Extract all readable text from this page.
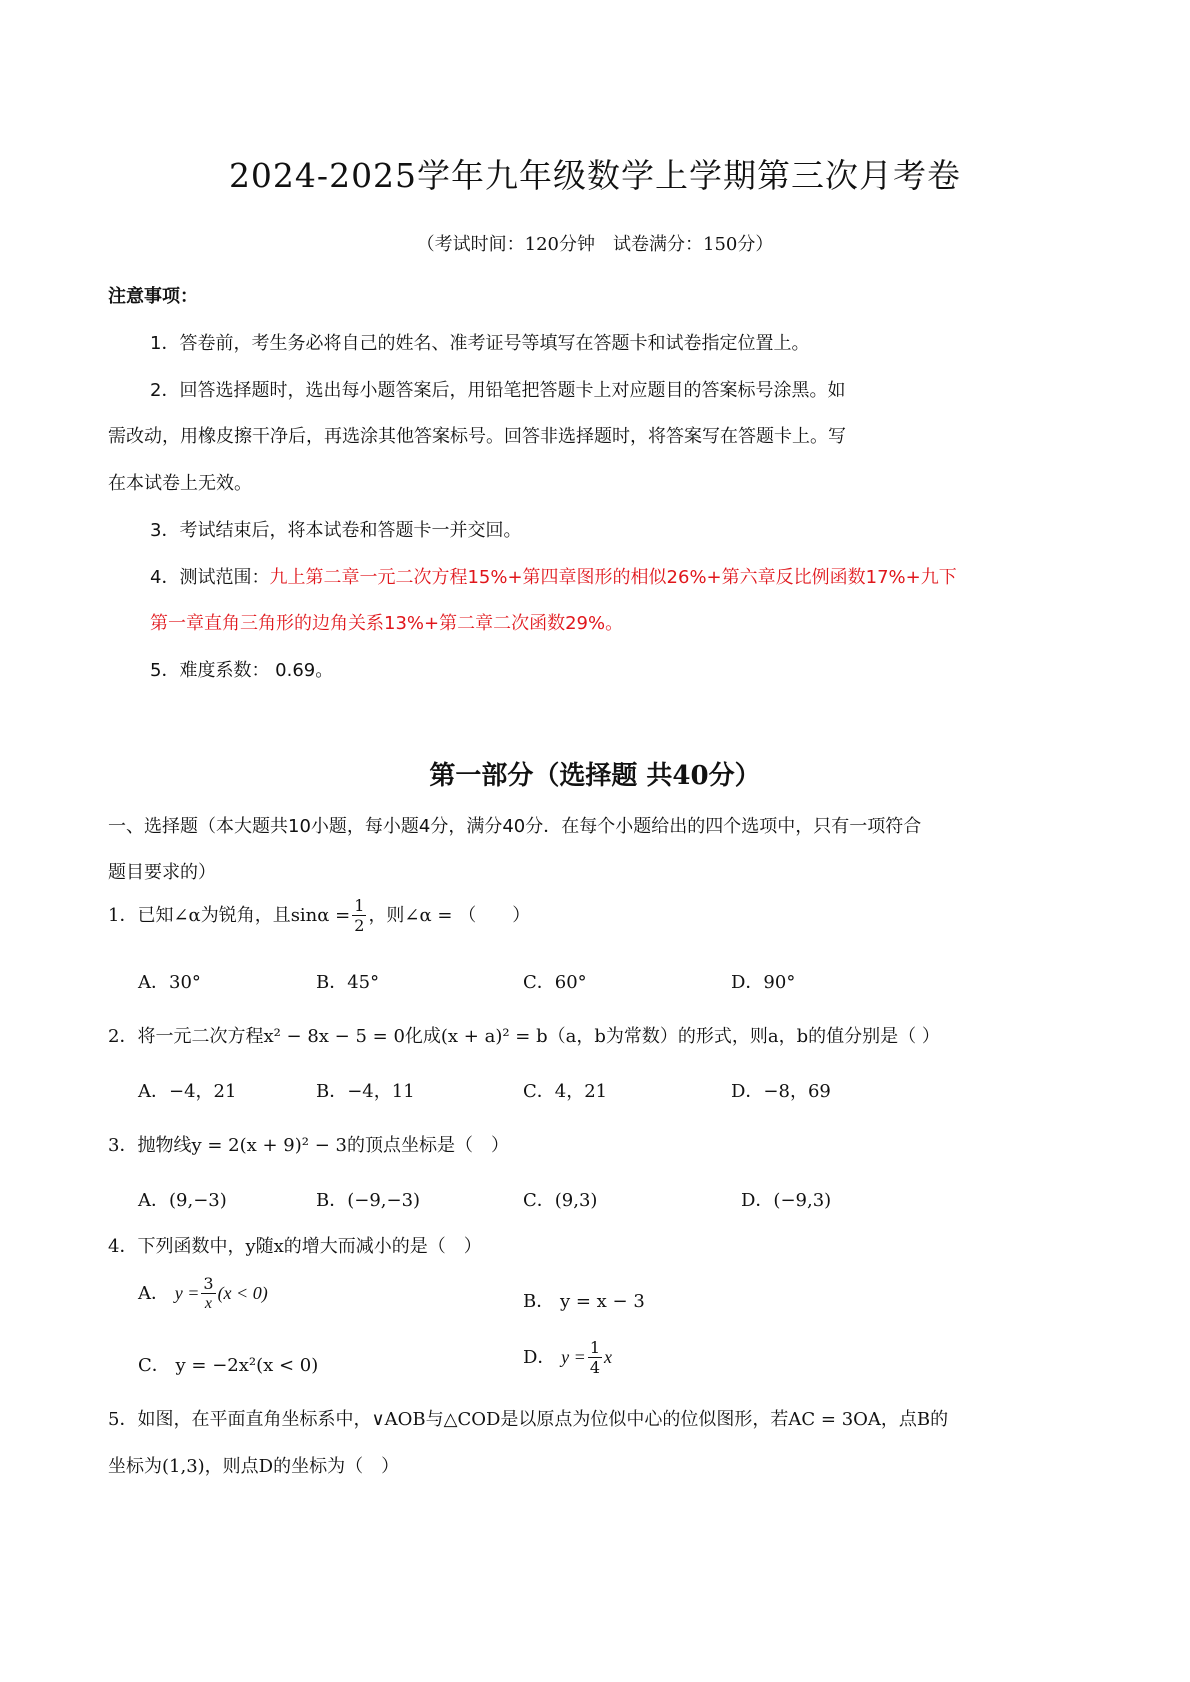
2024-2025学年九年级数学上学期第三次月考卷
（考试时间：120分钟　试卷满分：150分）
注意事项：
1．答卷前，考生务必将自己的姓名、准考证号等填写在答题卡和试卷指定位置上。
2．回答选择题时，选出每小题答案后，用铅笔把答题卡上对应题目的答案标号涂黑。如
需改动，用橡皮擦干净后，再选涂其他答案标号。回答非选择题时，将答案写在答题卡上。写
在本试卷上无效。
3．考试结束后，将本试卷和答题卡一并交回。
4．测试范围：九上第二章一元二次方程15%+第四章图形的相似26%+第六章反比例函数17%+九下
第一章直角三角形的边角关系13%+第二章二次函数29%。
5．难度系数： 0.69。
第一部分（选择题 共40分）
一、选择题（本大题共10小题，每小题4分，满分40分．在每个小题给出的四个选项中，只有一项符合
题目要求的）
1．已知∠α为锐角，且$\sin\alpha = \frac{1}{2}$ ，则∠α = （　　）
A．30°	B．45°	C．60°	D．90°
2．将一元二次方程x² − 8x − 5 = 0化成(x + a)² = b（a，b为常数）的形式，则a，b的值分别是（ ）
A．−4，21	B．−4，11	C．4，21	D．−8，69
3．抛物线y = 2(x + 9)² − 3的顶点坐标是（　）
A．(9,−3)	B．(−9,−3)	C．(9,3)	D．(−9,3)
4．下列函数中，y随x的增大而减小的是（　）
A． $y = \frac{3}{x} (x < 0)$	B． y = x − 3
C． y = −2x²(x < 0)	D． $y = \frac{1}{4}$ x
5．如图，在平面直角坐标系中，∨AOB与△COD是以原点为位似中心的位似图形，若AC = 3OA，点B的
坐标为(1,3)，则点D的坐标为（　）
